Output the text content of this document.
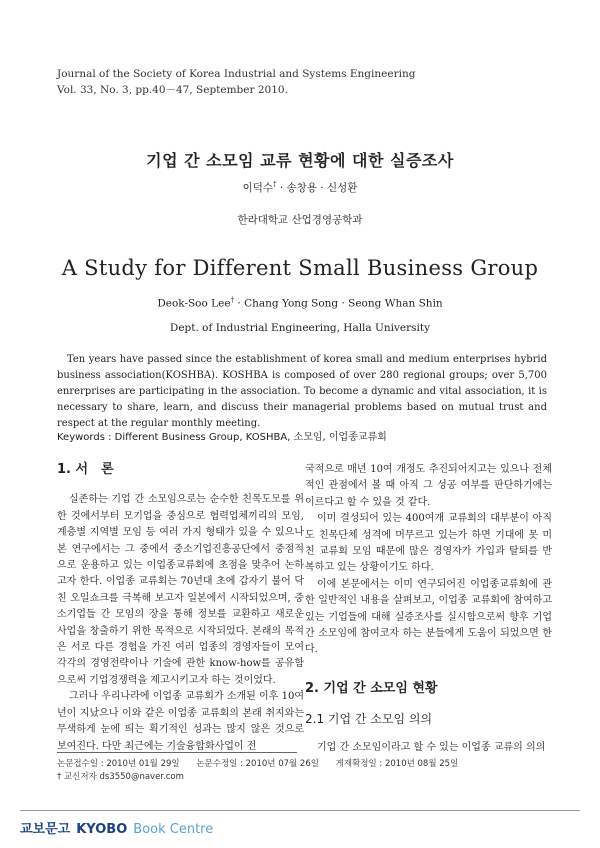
Journal of the Society of Korea Industrial and Systems Engineering
Vol. 33, No. 3, pp.40－47, September 2010.
기업 간 소모임 교류 현황에 대한 실증조사
이덕수† · 송창용 · 신성환
한라대학교 산업경영공학과
A Study for Different Small Business Group
Deok-Soo Lee† · Chang Yong Song · Seong Whan Shin
Dept. of Industrial Engineering, Halla University
Ten years have passed since the establishment of korea small and medium enterprises hybrid business association(KOSHBA). KOSHBA is composed of over 280 regional groups; over 5,700 enrerprises are participating in the association. To become a dynamic and vital association, it is necessary to share, learn, and discuss their managerial problems based on mutual trust and respect at the regular monthly meeting.
Keywords : Different Business Group, KOSHBA, 소모임, 이업종교류회
1. 서　론

실존하는 기업 간 소모임으로는 순수한 친목도모를 위한 것에서부터 모기업을 중심으로 협력업체끼리의 모임, 계층별 지역별 모임 등 여러 가지 형태가 있을 수 있으나 본 연구에서는 그 중에서 중소기업진흥공단에서 중점적으로 운용하고 있는 이업종교류회에 초점을 맞추어 논하고자 한다. 이업종 교류회는 70년대 초에 갑자기 불어 닥친 오일쇼크를 극복해 보고자 일본에서 시작되었으며, 중소기업들 간 모임의 장을 통해 정보를 교환하고 새로운 사업을 창출하기 위한 목적으로 시작되었다. 본래의 목적은 서로 다른 경험을 가진 여러 업종의 경영자들이 모여 각각의 경영전략이나 기술에 관한 know-how를 공유함으로써 기업경쟁력을 제고시키고자 하는 것이었다.

그러나 우리나라에 이업종 교류회가 소개된 이후 10여년이 지났으나 이와 같은 이업종 교류회의 본래 취지와는 무색하게 눈에 띄는 획기적인 성과는 많지 않은 것으로 보여진다. 다만 최근에는 기술융합화사업이 전

국적으로 매년 10여 개정도 추진되어지고는 있으나 전체적인 관점에서 볼 때 아직 그 성공 여부를 판단하기에는 이르다고 할 수 있을 것 같다.

이미 결성되어 있는 400여개 교류회의 대부분이 아직도 친목단체 성격에 머무르고 있는가 하면 기대에 못 미친 교류회 모임 때문에 많은 경영자가 가입과 탈퇴를 반복하고 있는 상황이기도 하다.

이에 본문에서는 이미 연구되어진 이업종교류회에 관한 일반적인 내용을 살펴보고, 이업종 교류회에 참여하고 있는 기업들에 대해 실증조사를 실시함으로써 향후 기업 간 소모임에 참여코자 하는 분들에게 도움이 되었으면 한다.

2. 기업 간 소모임 현황
2.1 기업 간 소모임 의의

기업 간 소모임이라고 할 수 있는 이업종 교류의 의의

논문접수일 : 2010년 01월 29일 논문수정일 : 2010년 07월 26일 게재확정일 : 2010년 08월 25일
† 교신저자 ds3550@naver.com
교보문고 KYOBO Book Centre
